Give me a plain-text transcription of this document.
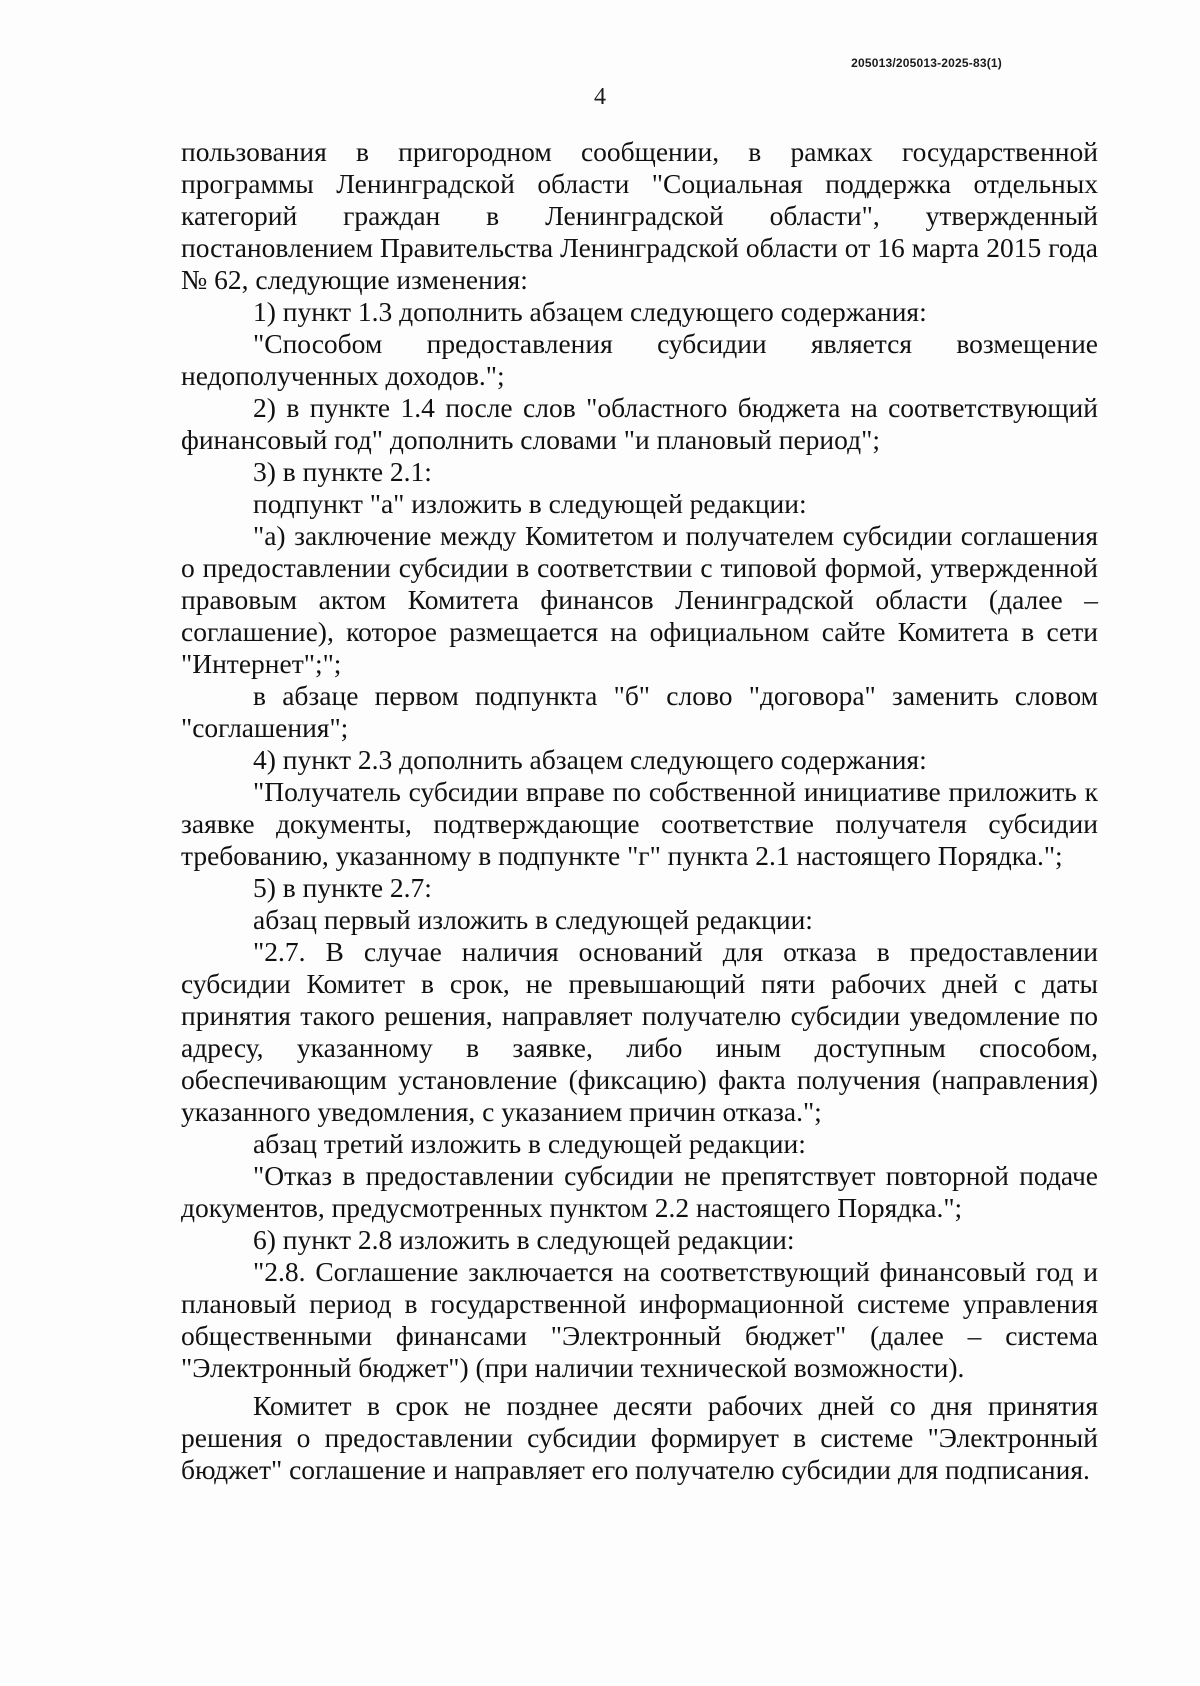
205013/205013-2025-83(1)
4

пользования в пригородном сообщении, в рамках государственной программы Ленинградской области "Социальная поддержка отдельных категорий граждан в Ленинградской области", утвержденный постановлением Правительства Ленинградской области от 16 марта 2015 года № 62, следующие изменения:

1) пункт 1.3 дополнить абзацем следующего содержания:

"Способом предоставления субсидии является возмещение недополученных доходов.";

2) в пункте 1.4 после слов "областного бюджета на соответствующий финансовый год" дополнить словами "и плановый период";

3) в пункте 2.1:

подпункт "а" изложить в следующей редакции:

"а) заключение между Комитетом и получателем субсидии соглашения о предоставлении субсидии в соответствии с типовой формой, утвержденной правовым актом Комитета финансов Ленинградской области (далее – соглашение), которое размещается на официальном сайте Комитета в сети "Интернет";";

в абзаце первом подпункта "б" слово "договора" заменить словом "соглашения";

4) пункт 2.3 дополнить абзацем следующего содержания:

"Получатель субсидии вправе по собственной инициативе приложить к заявке документы, подтверждающие соответствие получателя субсидии требованию, указанному в подпункте "г" пункта 2.1 настоящего Порядка.";

5) в пункте 2.7:

абзац первый изложить в следующей редакции:

"2.7. В случае наличия оснований для отказа в предоставлении субсидии Комитет в срок, не превышающий пяти рабочих дней с даты принятия такого решения, направляет получателю субсидии уведомление по адресу, указанному в заявке, либо иным доступным способом, обеспечивающим установление (фиксацию) факта получения (направления) указанного уведомления, с указанием причин отказа.";

абзац третий изложить в следующей редакции:

"Отказ в предоставлении субсидии не препятствует повторной подаче документов, предусмотренных пунктом 2.2 настоящего Порядка.";

6) пункт 2.8 изложить в следующей редакции:

"2.8. Соглашение заключается на соответствующий финансовый год и плановый период в государственной информационной системе управления общественными финансами "Электронный бюджет" (далее – система "Электронный бюджет") (при наличии технической возможности).

Комитет в срок не позднее десяти рабочих дней со дня принятия решения о предоставлении субсидии формирует в системе "Электронный бюджет" соглашение и направляет его получателю субсидии для подписания.
